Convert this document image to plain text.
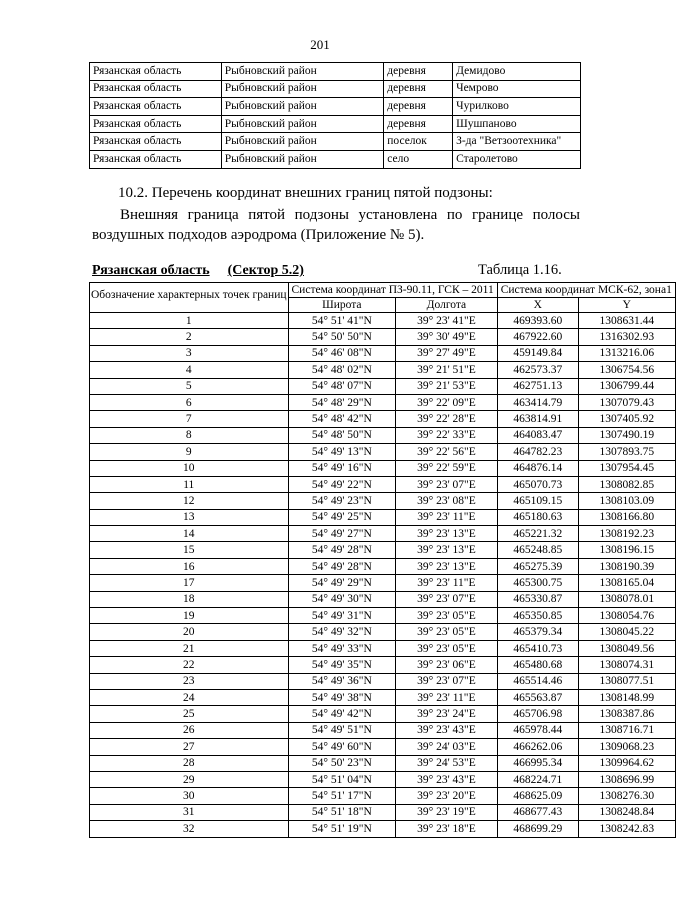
201
Рязанская область	Рыбновский район	деревня	Демидово
Рязанская область	Рыбновский район	деревня	Чемрово
Рязанская область	Рыбновский район	деревня	Чурилково
Рязанская область	Рыбновский район	деревня	Шушпаново
Рязанская область	Рыбновский район	поселок	З-да "Ветзоотехника"
Рязанская область	Рыбновский район	село	Старолетово
10.2. Перечень координат внешних границ пятой подзоны:
Внешняя граница пятой подзоны установлена по границе полосы воздушных подходов аэродрома (Приложение № 5).
Рязанская область (Сектор 5.2)	Таблица 1.16.
Обозначение характерных точек границ	Система координат ПЗ-90.11, ГСК – 2011		Система координат МСК-62, зона1	
	Широта	Долгота	X	Y
1	54° 51' 41"N	39° 23' 41"E	469393.60	1308631.44
2	54° 50' 50"N	39° 30' 49"E	467922.60	1316302.93
3	54° 46' 08"N	39° 27' 49"E	459149.84	1313216.06
4	54° 48' 02"N	39° 21' 51"E	462573.37	1306754.56
5	54° 48' 07"N	39° 21' 53"E	462751.13	1306799.44
6	54° 48' 29"N	39° 22' 09"E	463414.79	1307079.43
7	54° 48' 42"N	39° 22' 28"E	463814.91	1307405.92
8	54° 48' 50"N	39° 22' 33"E	464083.47	1307490.19
9	54° 49' 13"N	39° 22' 56"E	464782.23	1307893.75
10	54° 49' 16"N	39° 22' 59"E	464876.14	1307954.45
11	54° 49' 22"N	39° 23' 07"E	465070.73	1308082.85
12	54° 49' 23"N	39° 23' 08"E	465109.15	1308103.09
13	54° 49' 25"N	39° 23' 11"E	465180.63	1308166.80
14	54° 49' 27"N	39° 23' 13"E	465221.32	1308192.23
15	54° 49' 28"N	39° 23' 13"E	465248.85	1308196.15
16	54° 49' 28"N	39° 23' 13"E	465275.39	1308190.39
17	54° 49' 29"N	39° 23' 11"E	465300.75	1308165.04
18	54° 49' 30"N	39° 23' 07"E	465330.87	1308078.01
19	54° 49' 31"N	39° 23' 05"E	465350.85	1308054.76
20	54° 49' 32"N	39° 23' 05"E	465379.34	1308045.22
21	54° 49' 33"N	39° 23' 05"E	465410.73	1308049.56
22	54° 49' 35"N	39° 23' 06"E	465480.68	1308074.31
23	54° 49' 36"N	39° 23' 07"E	465514.46	1308077.51
24	54° 49' 38"N	39° 23' 11"E	465563.87	1308148.99
25	54° 49' 42"N	39° 23' 24"E	465706.98	1308387.86
26	54° 49' 51"N	39° 23' 43"E	465978.44	1308716.71
27	54° 49' 60"N	39° 24' 03"E	466262.06	1309068.23
28	54° 50' 23"N	39° 24' 53"E	466995.34	1309964.62
29	54° 51' 04"N	39° 23' 43"E	468224.71	1308696.99
30	54° 51' 17"N	39° 23' 20"E	468625.09	1308276.30
31	54° 51' 18"N	39° 23' 19"E	468677.43	1308248.84
32	54° 51' 19"N	39° 23' 18"E	468699.29	1308242.83
